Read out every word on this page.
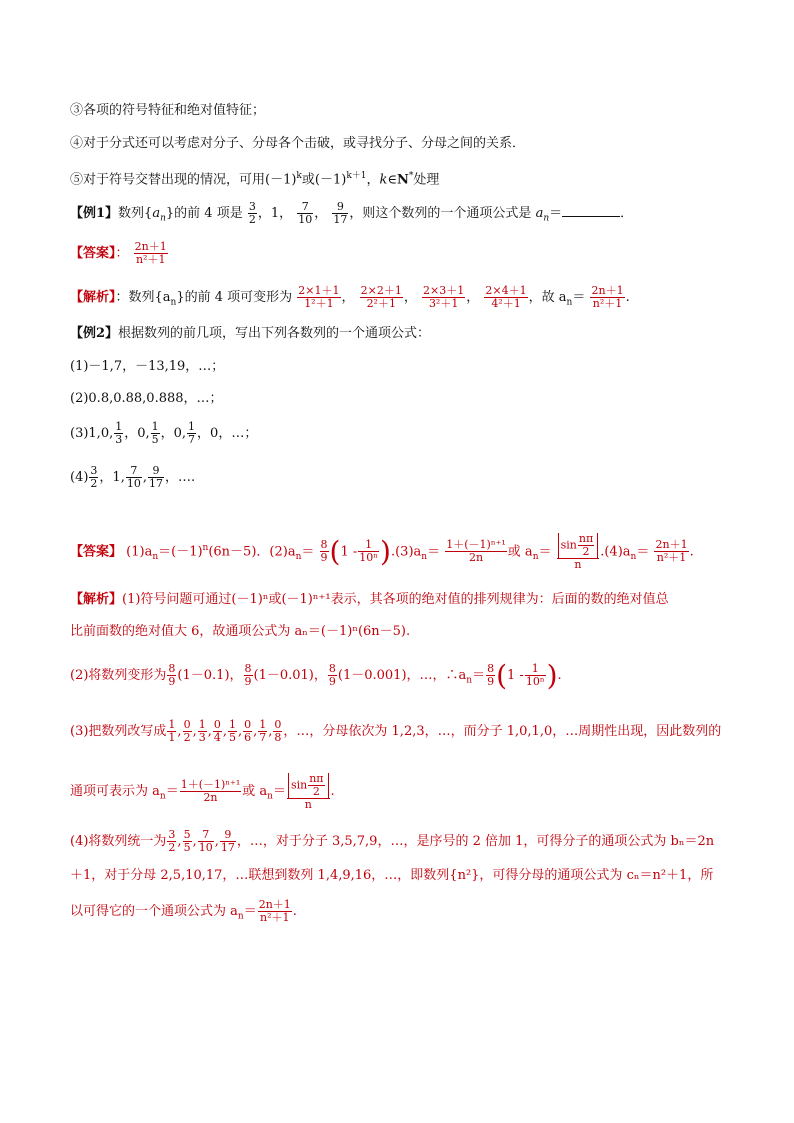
③各项的符号特征和绝对值特征；
④对于分式还可以考虑对分子、分母各个击破，或寻找分子、分母之间的关系．
⑤对于符号交替出现的情况，可用$(-1)^k$或$(-1)^{k+1}$，k∈N*处理
【例1】数列$\{a_n\}$的前 4 项是 $\frac{3}{2}$ ，1， $\frac{7}{10}$ ， $\frac{9}{17}$ ，则这个数列的一个通项公式是 $a_n=$	．
【答案】： $\frac{2n+1}{\text{n²＋1}}$
【解析】：数列$\{a_n\}$的前 4 项可变形为 $\frac{2\times 1+1}{\text{1²＋1}}$ ， $\frac{2\times 2+1}{\text{2²＋1}}$ ， $\frac{2\times 3+1}{\text{3²＋1}}$ ， $\frac{2\times 4+1}{\text{4²＋1}}$ ，故 $a_n= \frac{2n+1}{\text{n²＋1}}$ .
【例2】根据数列的前几项，写出下列各数列的一个通项公式：
(1)－1,7，－13,19，…；
(2)0.8,0.88,0.888，…；
(3)1,0, $\frac{1}{3}$ ，0, $\frac{1}{5}$ ，0, $\frac{1}{7}$ ，0，…；
$(4) \frac{3}{2}$ ，1, $\frac{7}{10}$ , $\frac{9}{17}$ ，….
【答案】 $(1)a_n=(-1)^n(6n-5)$．$(2)a_n= \frac{8}{9} (1 - \frac{1}{\text{10ⁿ}} ).(3)a_n= \frac{\text{1＋(－1)ⁿ⁺¹}}{2n}$ 或 $a_n= \frac{\sin \frac{n\pi}{2}}{n} .(4)a_n= \frac{2n+1}{\text{n²＋1}}$ .
【解析】(1)符号问题可通过(－1)ⁿ或(－1)ⁿ⁺¹表示，其各项的绝对值的排列规律为：后面的数的绝对值总
比前面数的绝对值大 6，故通项公式为 aₙ＝(－1)ⁿ(6n－5).
(2)将数列变形为 $\frac{8}{9} (1-0.1)$， $\frac{8}{9} (1-0.01)$， $\frac{8}{9} (1-0.001)$，…，$\therefore a_n= \frac{8}{9} (1 - \frac{1}{\text{10ⁿ}}$ ).
(3)把数列改写成 $\frac{1}{1}$ , $\frac{0}{2}$ , $\frac{1}{3}$ , $\frac{0}{4}$ , $\frac{1}{5}$ , $\frac{0}{6}$ , $\frac{1}{7}$ , $\frac{0}{8}$ ，…，分母依次为 1,2,3，…，而分子 1,0,1,0，…周期性出现，因此数列的
通项可表示为 $a_n= \frac{\text{1＋(－1)ⁿ⁺¹}}{2n}$ 或 $a_n= \frac{\sin \frac{n\pi}{2}}{n}$ .
(4)将数列统一为 $\frac{3}{2}$ , $\frac{5}{5}$ , $\frac{7}{10}$ , $\frac{9}{17}$ ，…，对于分子 3,5,7,9，…，是序号的 2 倍加 1，可得分子的通项公式为 bₙ＝2n
＋1，对于分母 2,5,10,17，…联想到数列 1,4,9,16，…，即数列{n²}，可得分母的通项公式为 cₙ＝n²＋1，所
以可得它的一个通项公式为 $a_n= \frac{2n+1}{\text{n²＋1}}$ .
